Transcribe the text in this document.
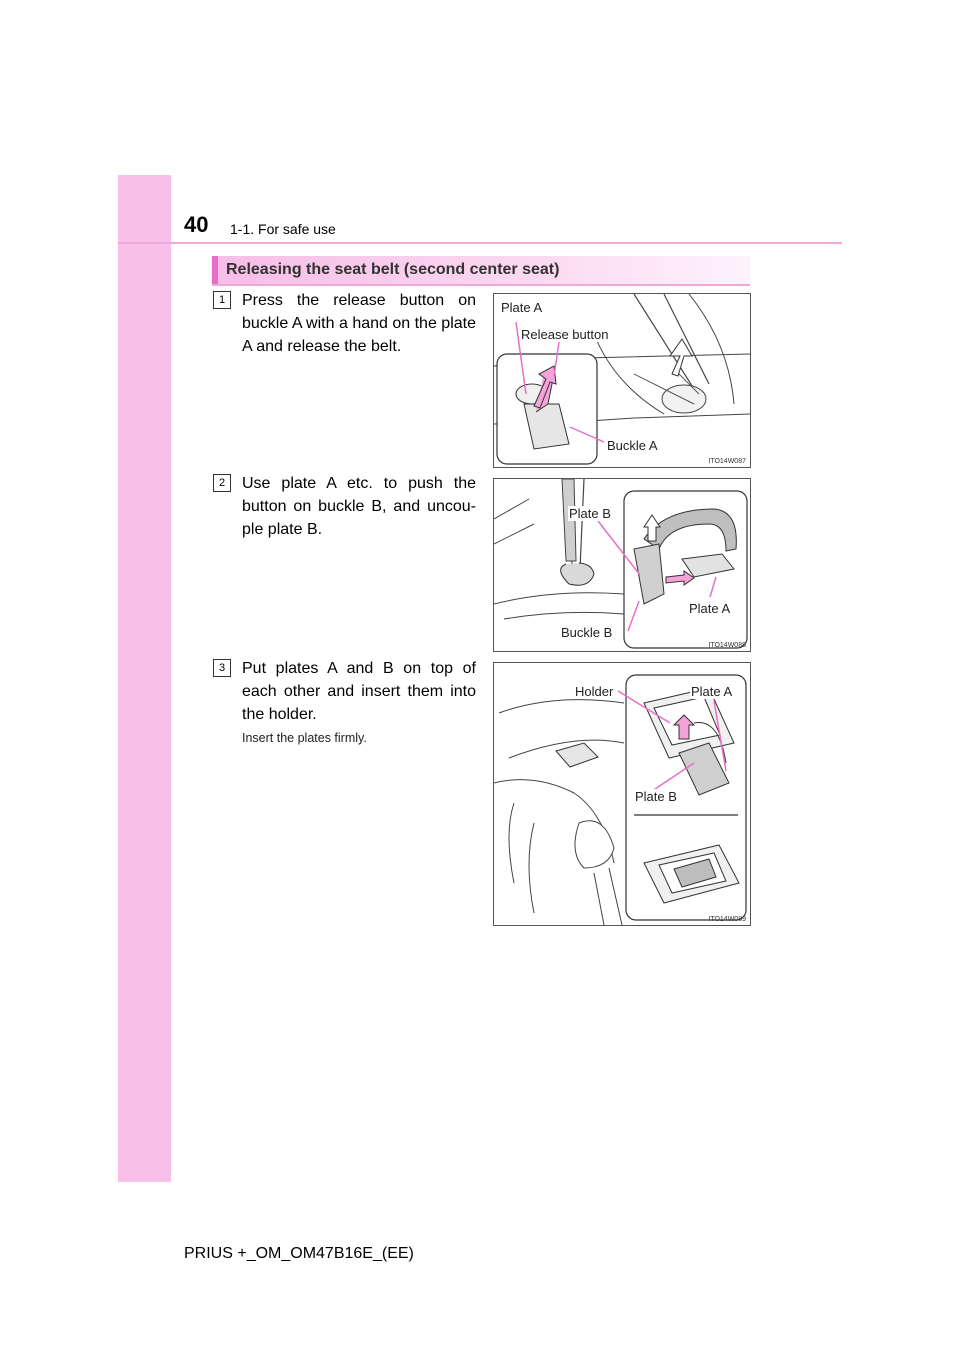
40 1-1. For safe use
Releasing the seat belt (second center seat)
1	Press the release button on buckle A with a hand on the plate A and release the belt.
Plate A
Release button
Buckle A
ITO14W087
2	Use plate A etc. to push the button on buckle B, and uncou-ple plate B.
Plate B
Plate A
Buckle B
ITO14W088
3	Put plates A and B on top of each other and insert them into the holder.
Insert the plates firmly.
Holder	Plate A
Plate B
ITO14W089
PRIUS +_OM_OM47B16E_(EE)
